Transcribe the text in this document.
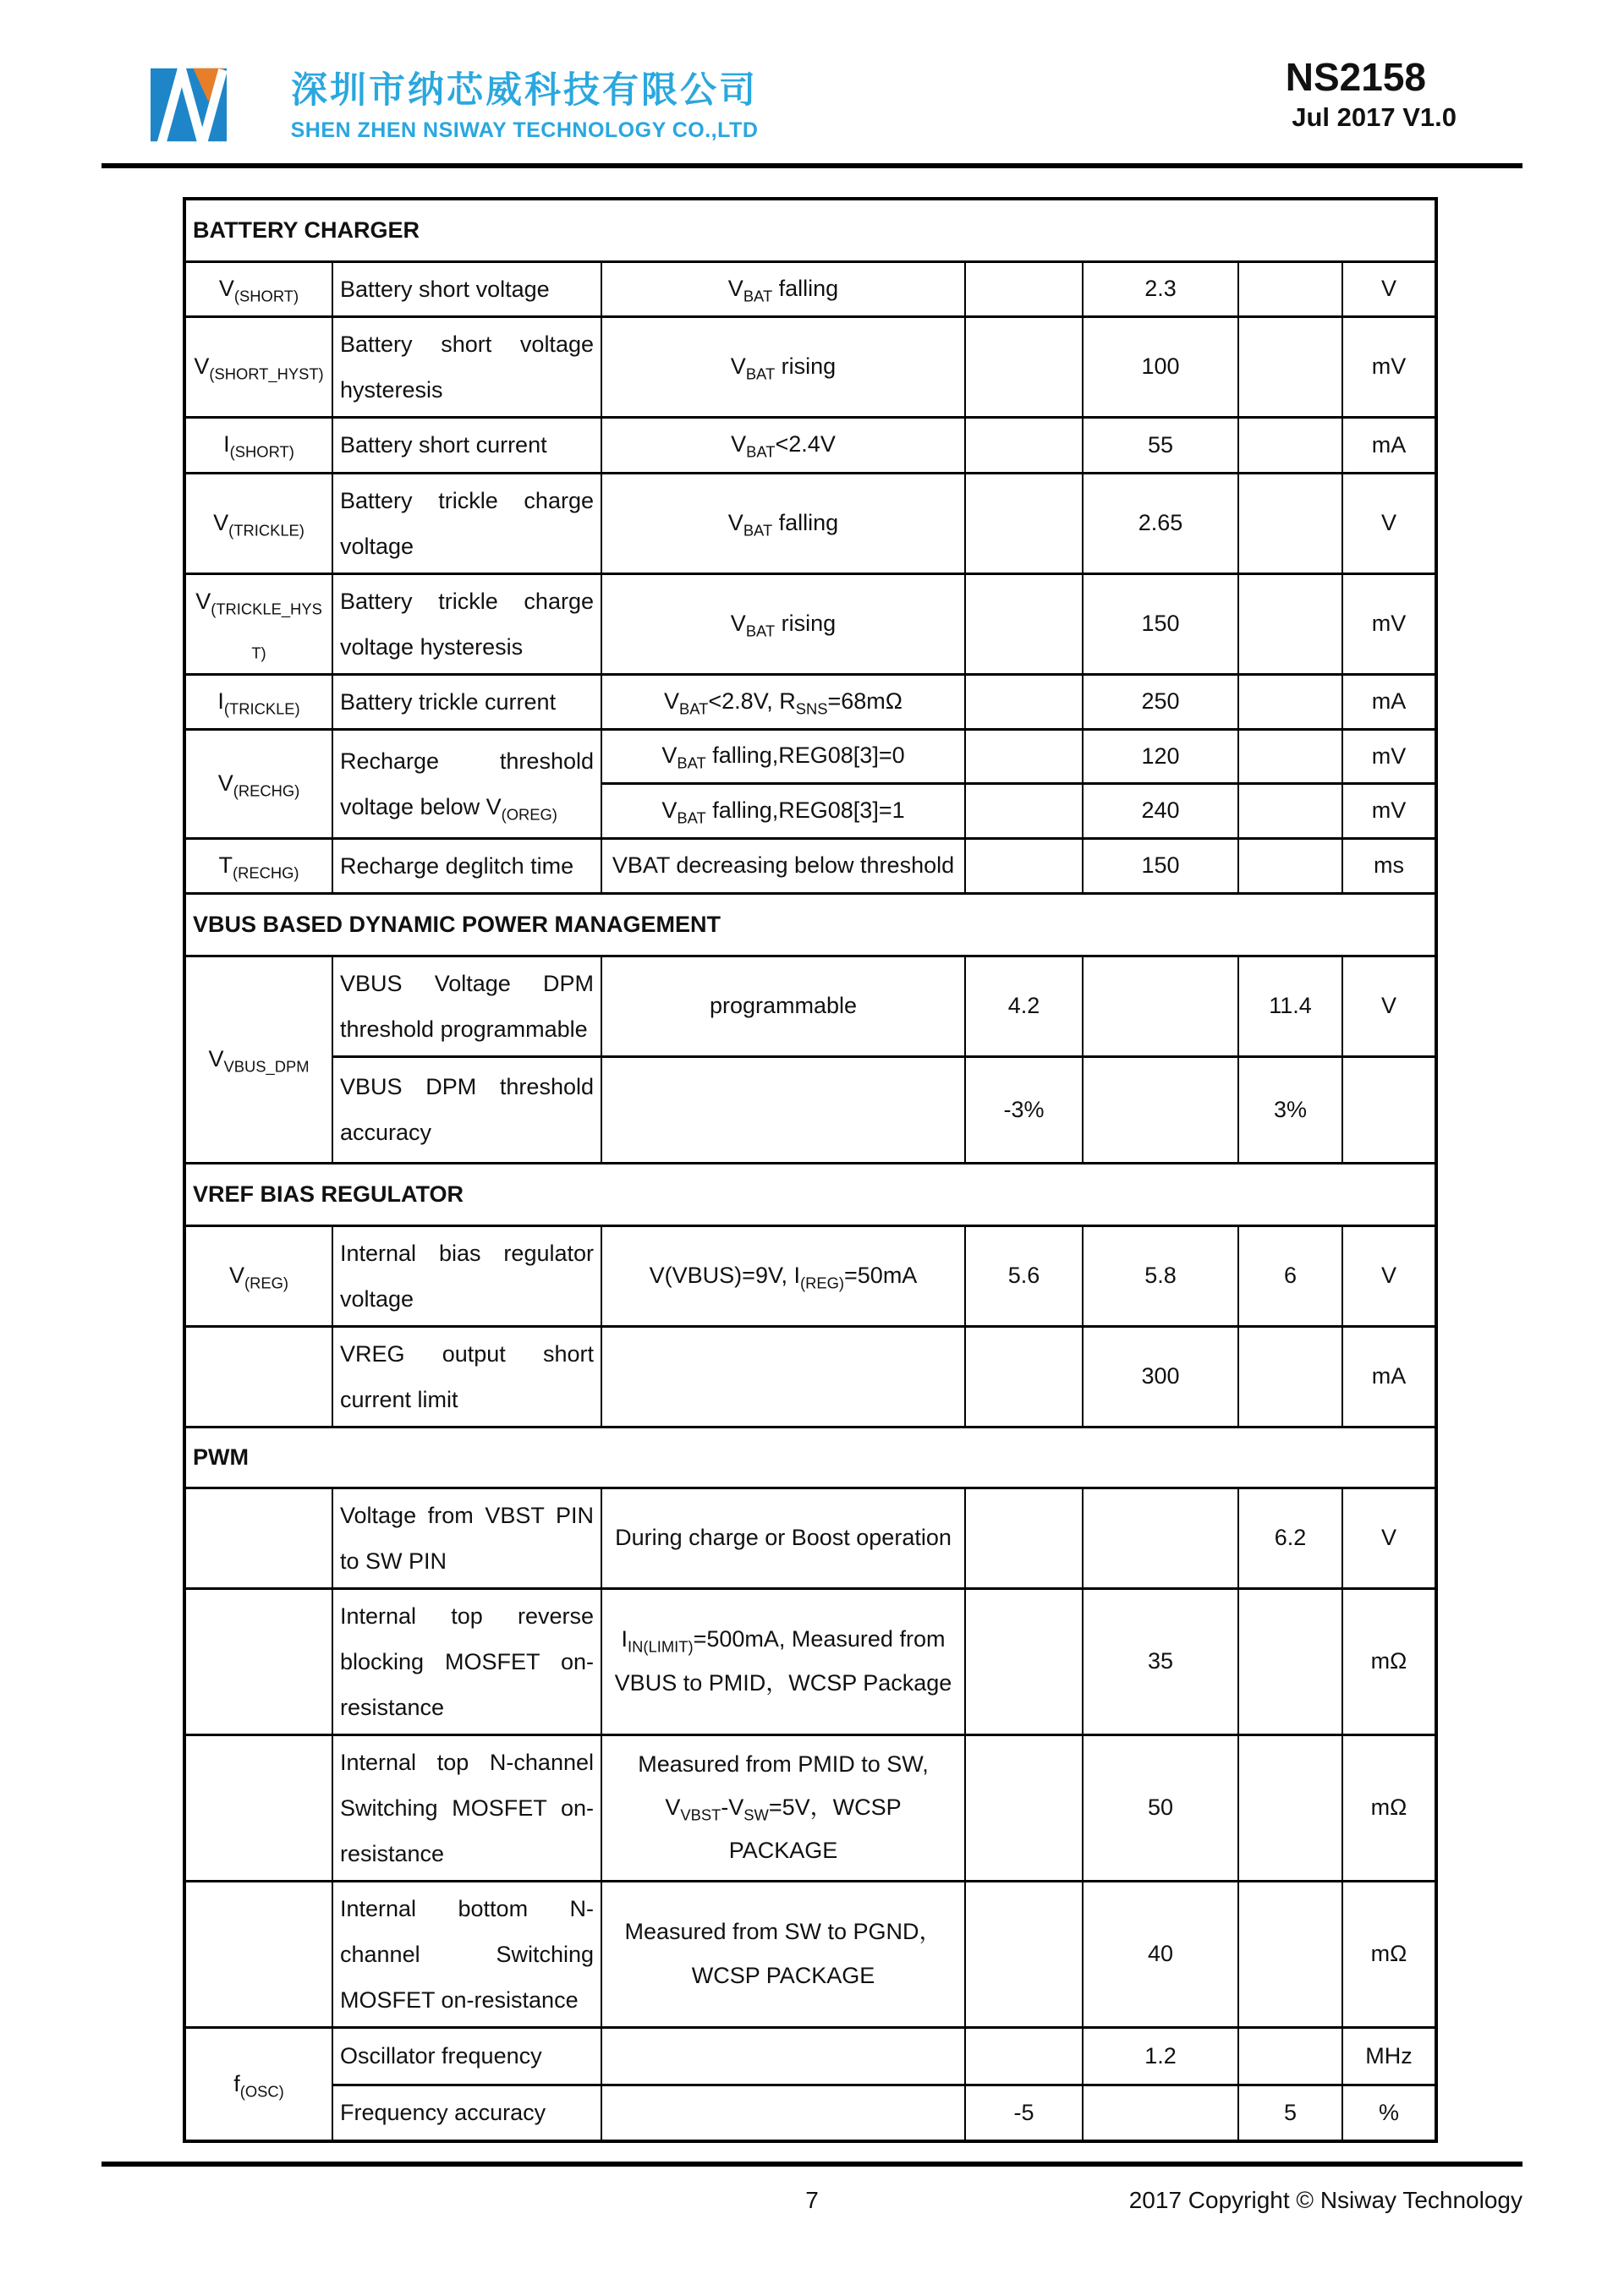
深圳市纳芯威科技有限公司
SHEN ZHEN NSIWAY TECHNOLOGY CO.,LTD
NS2158
Jul 2017 V1.0
BATTERY CHARGER						
$V_{(SHORT)}$	Battery short voltage	$V_{BAT}$ falling		2.3		V
$V_{(SHORT\_HYST)}$	Battery short voltage hysteresis	$V_{BAT}$ rising		100		mV
$I_{(SHORT)}$	Battery short current	$V_{BAT}<2.4V$		55		mA
$V_{(TRICKLE)}$	Battery trickle charge voltage	$V_{BAT}$ falling		2.65		V
$V_{(TRICKLE\_HYST)}$	Battery trickle charge voltage hysteresis	$V_{BAT}$ rising		150		mV
$I_{(TRICKLE)}$	Battery trickle current	$V_{BAT}<2.8V$, $R_{SNS}=68m\Omega$		250		mA
$V_{(RECHG)}$	Recharge threshold voltage below $V_{(OREG)}$	$V_{BAT}$ falling,REG08[3]=0		120		mV
		$V_{BAT}$ falling,REG08[3]=1		240		mV
$T_{(RECHG)}$	Recharge deglitch time	VBAT decreasing below threshold		150		ms
VBUS BASED DYNAMIC POWER MANAGEMENT						
$V_{VBUS\_DPM}$	VBUS Voltage DPM threshold programmable	programmable	4.2		11.4	V
	VBUS DPM threshold accuracy		-3%		3%	
VREF BIAS REGULATOR						
$V_{(REG)}$	Internal bias regulator voltage	V(VBUS)=9V, $I_{(REG)}=50mA$	5.6	5.8	6	V
	VREG output short current limit			300		mA
PWM						
	Voltage from VBST PIN to SW PIN	During charge or Boost operation			6.2	V
	Internal top reverse blocking MOSFET on-resistance	$I_{IN(LIMIT)}=500mA$, Measured from VBUS to PMID，WCSP Package		35		mΩ
	Internal top N-channel Switching MOSFET on-resistance	Measured from PMID to SW, $V_{VBST}-V_{SW}=5V$，WCSP PACKAGE		50		mΩ
	Internal bottom N-channel Switching MOSFET on-resistance	Measured from SW to PGND，WCSP PACKAGE		40		mΩ
$f_{(OSC)}$	Oscillator frequency			1.2		MHz
	Frequency accuracy		-5		5	%
7	2017 Copyright © Nsiway Technology
